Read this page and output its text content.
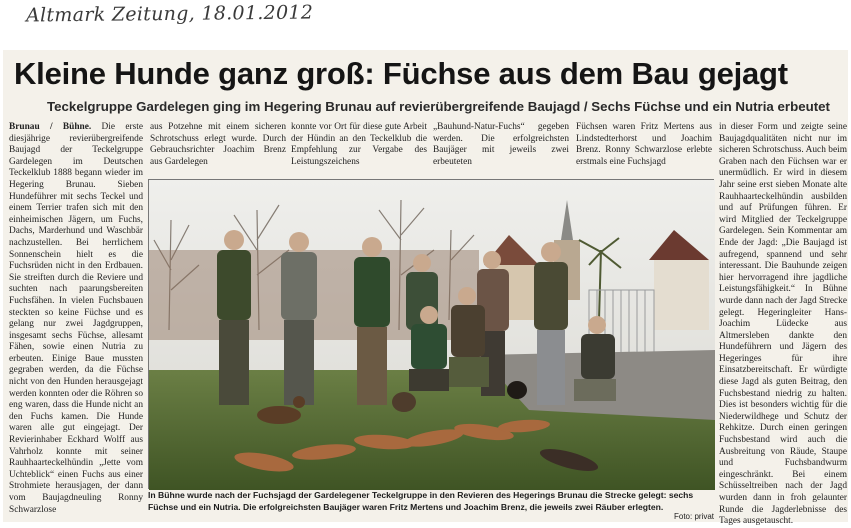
Altmark Zeitung, 18.01.2012
Kleine Hunde ganz groß: Füchse aus dem Bau gejagt
Teckelgruppe Gardelegen ging im Hegering Brunau auf revierübergreifende Baujagd / Sechs Füchse und ein Nutria erbeutet

Brunau / Bühne. Die erste diesjährige revierübergreifende Baujagd der Teckelgruppe Gardelegen im Deutschen Teckelklub 1888 begann wieder im Hegering Brunau. Sieben Hundeführer mit sechs Teckel und einem Terrier trafen sich mit den einheimischen Jägern, um Fuchs, Dachs, Marderhund und Waschbär nachzustellen. Bei herrlichem Sonnenschein hielt es die Fuchsrüden nicht in den Erdbauen. Sie streiften durch die Reviere und suchten nach paarungsbereiten Fuchsfähen. In vielen Fuchsbauen steckten so keine Füchse und es gelang nur zwei Jagdgruppen, insgesamt sechs Füchse, allesamt Fähen, sowie einen Nutria zu erbeuten. Einige Baue mussten gegraben werden, da die Füchse nicht von den Hunden herausgejagt werden konnten oder die Röhren so eng waren, dass die Hunde nicht an den Fuchs kamen. Die Hunde waren alle gut eingejagt. Der Revierinhaber Eckhard Wolff aus Vahrholz konnte mit seiner Rauhhaarteckelhündin „Jette vom Uchteblick“ einen Fuchs aus einer Strohmiete herausjagen, der dann vom Baujagdneuling Ronny Schwarzlose

aus Potzehne mit einem sicheren Schrotschuss erlegt wurde. Durch Gebrauchsrichter Joachim Brenz aus Gardelegen

konnte vor Ort für diese gute Arbeit der Hündin an den Teckelklub die Empfehlung zur Vergabe des Leistungszeichens

„Bauhund-Natur-Fuchs“ gegeben werden. Die erfolgreichsten Baujäger mit jeweils zwei erbeuteten

Füchsen waren Fritz Mertens aus Lindstedterhorst und Joachim Brenz. Ronny Schwarzlose erlebte erstmals eine Fuchsjagd

in dieser Form und zeigte seine Baujagdqualitäten nicht nur im sicheren Schrotschuss. Auch beim Graben nach den Füchsen war er unermüdlich. Er wird in diesem Jahr seine erst sieben Monate alte Rauhhaarteckelhündin ausbilden und auf Prüfungen führen. Er wird Mitglied der Teckelgruppe Gardelegen. Sein Kommentar am Ende der Jagd: „Die Baujagd ist aufregend, spannend und sehr interessant. Die Bauhunde zeigen hier hervorragend ihre jagdliche Leistungsfähigkeit.“ In Bühne wurde dann nach der Jagd Strecke gelegt. Hegeringleiter Hans-Joachim Lüdecke aus Altmersleben dankte den Hundeführern und Jägern des Hegeringes für ihre Einsatzbereitschaft. Er würdigte diese Jagd als guten Beitrag, den Fuchsbestand niedrig zu halten. Dies ist besonders wichtig für die Niederwildhege und Schutz der Rehkitze. Durch einen geringen Fuchsbestand wird auch die Ausbreitung von Räude, Staupe und Fuchsbandwurm eingeschränkt. Bei einem Schüsseltreiben nach der Jagd wurden dann in froh gelaunter Runde die Jagderlebnisse des Tages ausgetauscht.

In Bühne wurde nach der Fuchsjagd der Gardelegener Teckelgruppe in den Revieren des Hegerings Brunau die Strecke gelegt: sechs Füchse und ein Nutria. Die erfolgreichsten Baujäger waren Fritz Mertens und Joachim Brenz, die jeweils zwei Räuber erlegten.
Foto: privat
